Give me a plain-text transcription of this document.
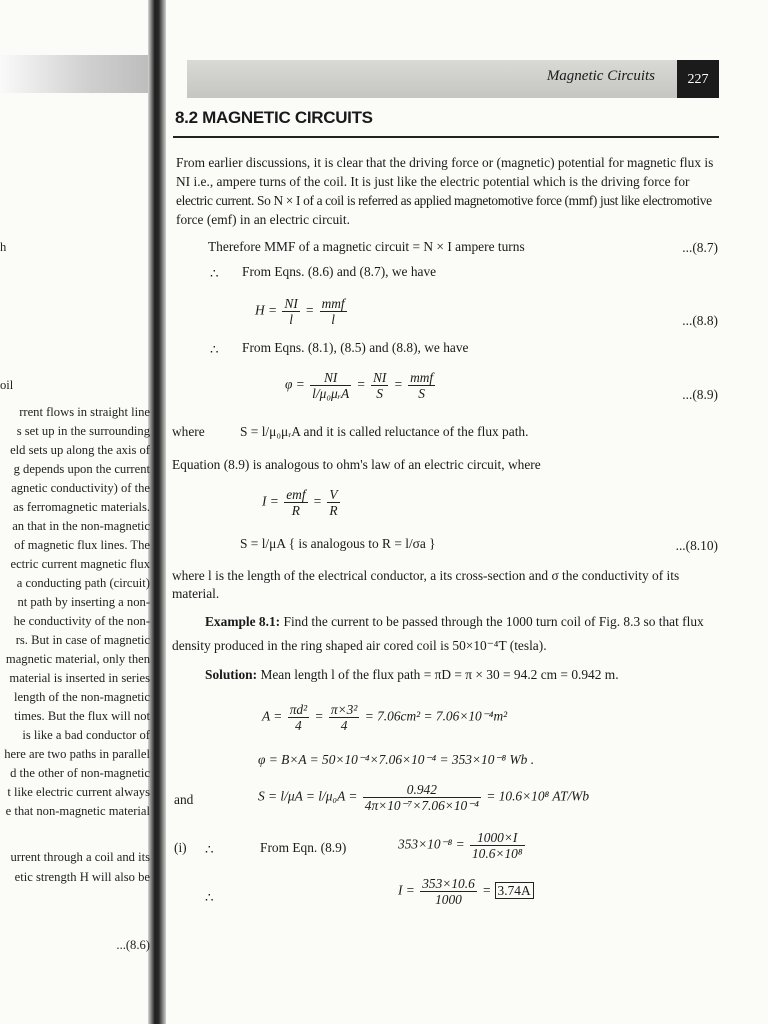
h
oil
rrent flows in straight line
s set up in the surrounding
eld sets up along the axis of
g depends upon the current
agnetic conductivity) of the
as ferromagnetic materials.
an that in the non-magnetic
of magnetic flux lines. The
ectric current magnetic flux
a conducting path (circuit)
nt path by inserting a non-
he conductivity of the non-
rs. But in case of magnetic
magnetic material, only then
material is inserted in series
length of the non-magnetic
times. But the flux will not
is like a bad conductor of
here are two paths in parallel
d the other of non-magnetic
t like electric current always
e that non-magnetic material
urrent through a coil and its
etic strength H will also be
...(8.6)
Magnetic Circuits	227
8.2 MAGNETIC CIRCUITS
From earlier discussions, it is clear that the driving force or (magnetic) potential for magnetic flux is
NI i.e., ampere turns of the coil. It is just like the electric potential which is the driving force for
electric current. So N × I of a coil is referred as applied magnetomotive force (mmf) just like electromotive
force (emf) in an electric circuit.
Therefore MMF of a magnetic circuit = N × I ampere turns	...(8.7)
∴ From Eqns. (8.6) and (8.7), we have
$H = \frac{NI}{l} = \frac{\text{mmf}}{l}$	...(8.8)
∴ From Eqns. (8.1), (8.5) and (8.8), we have
$\varphi = \frac{NI}{\text{l/μ₀μᵣA}} = \frac{NI}{S} = \frac{\text{mmf}}{S}$	...(8.9)
where	S = l/μ₀μᵣA and it is called reluctance of the flux path.
Equation (8.9) is analogous to ohm's law of an electric circuit, where
$I = \frac{\text{emf}}{R} = \frac{V}{R}$
S = l/μA { is analogous to R = l/σa }	...(8.10)
where l is the length of the electrical conductor, a its cross-section and σ the conductivity of its
material.
Example 8.1: Find the current to be passed through the 1000 turn coil of Fig. 8.3 so that flux
density produced in the ring shaped air cored coil is 50×10⁻⁴T (tesla).
Solution: Mean length l of the flux path = πD = π × 30 = 94.2 cm = 0.942 m.
$A = \frac{\text{πd²}}{4} = \frac{\text{π×3²}}{4} = 7.06cm^2 = 7.06\times 10^{-4}m^2$
φ = B×A = 50×10⁻⁴×7.06×10⁻⁴ = 353×10⁻⁸ Wb .
and	$S = l/\mu A = l/\mu_0A = \frac{0.942}{\text{4π×10⁻⁷×7.06×10⁻⁴}} = 10.6\times 10^8$ AT/Wb
(i) ∴	From Eqn. (8.9)	$353\times 10^{-8} = \frac{1000\times I}{\text{10.6×10⁸}}$
∴	$I = \frac{353\times 10.6}{1000} = 3.74A$
